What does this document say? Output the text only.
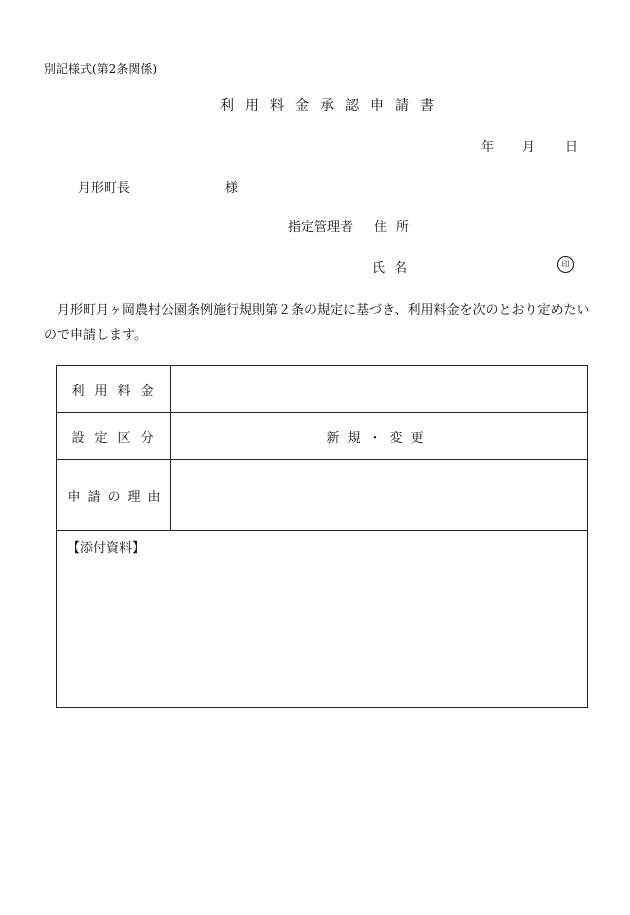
別記様式(第2条関係)
利用料金承認申請書
年 月 日
月形町長	様
指定管理者 住所
氏名	印
月形町月ヶ岡農村公園条例施行規則第２条の規定に基づき、利用料金を次のとおり定めたいので申請します。
利用料金	
設定区分	新規・変更
申請の理由	

【添付資料】	
